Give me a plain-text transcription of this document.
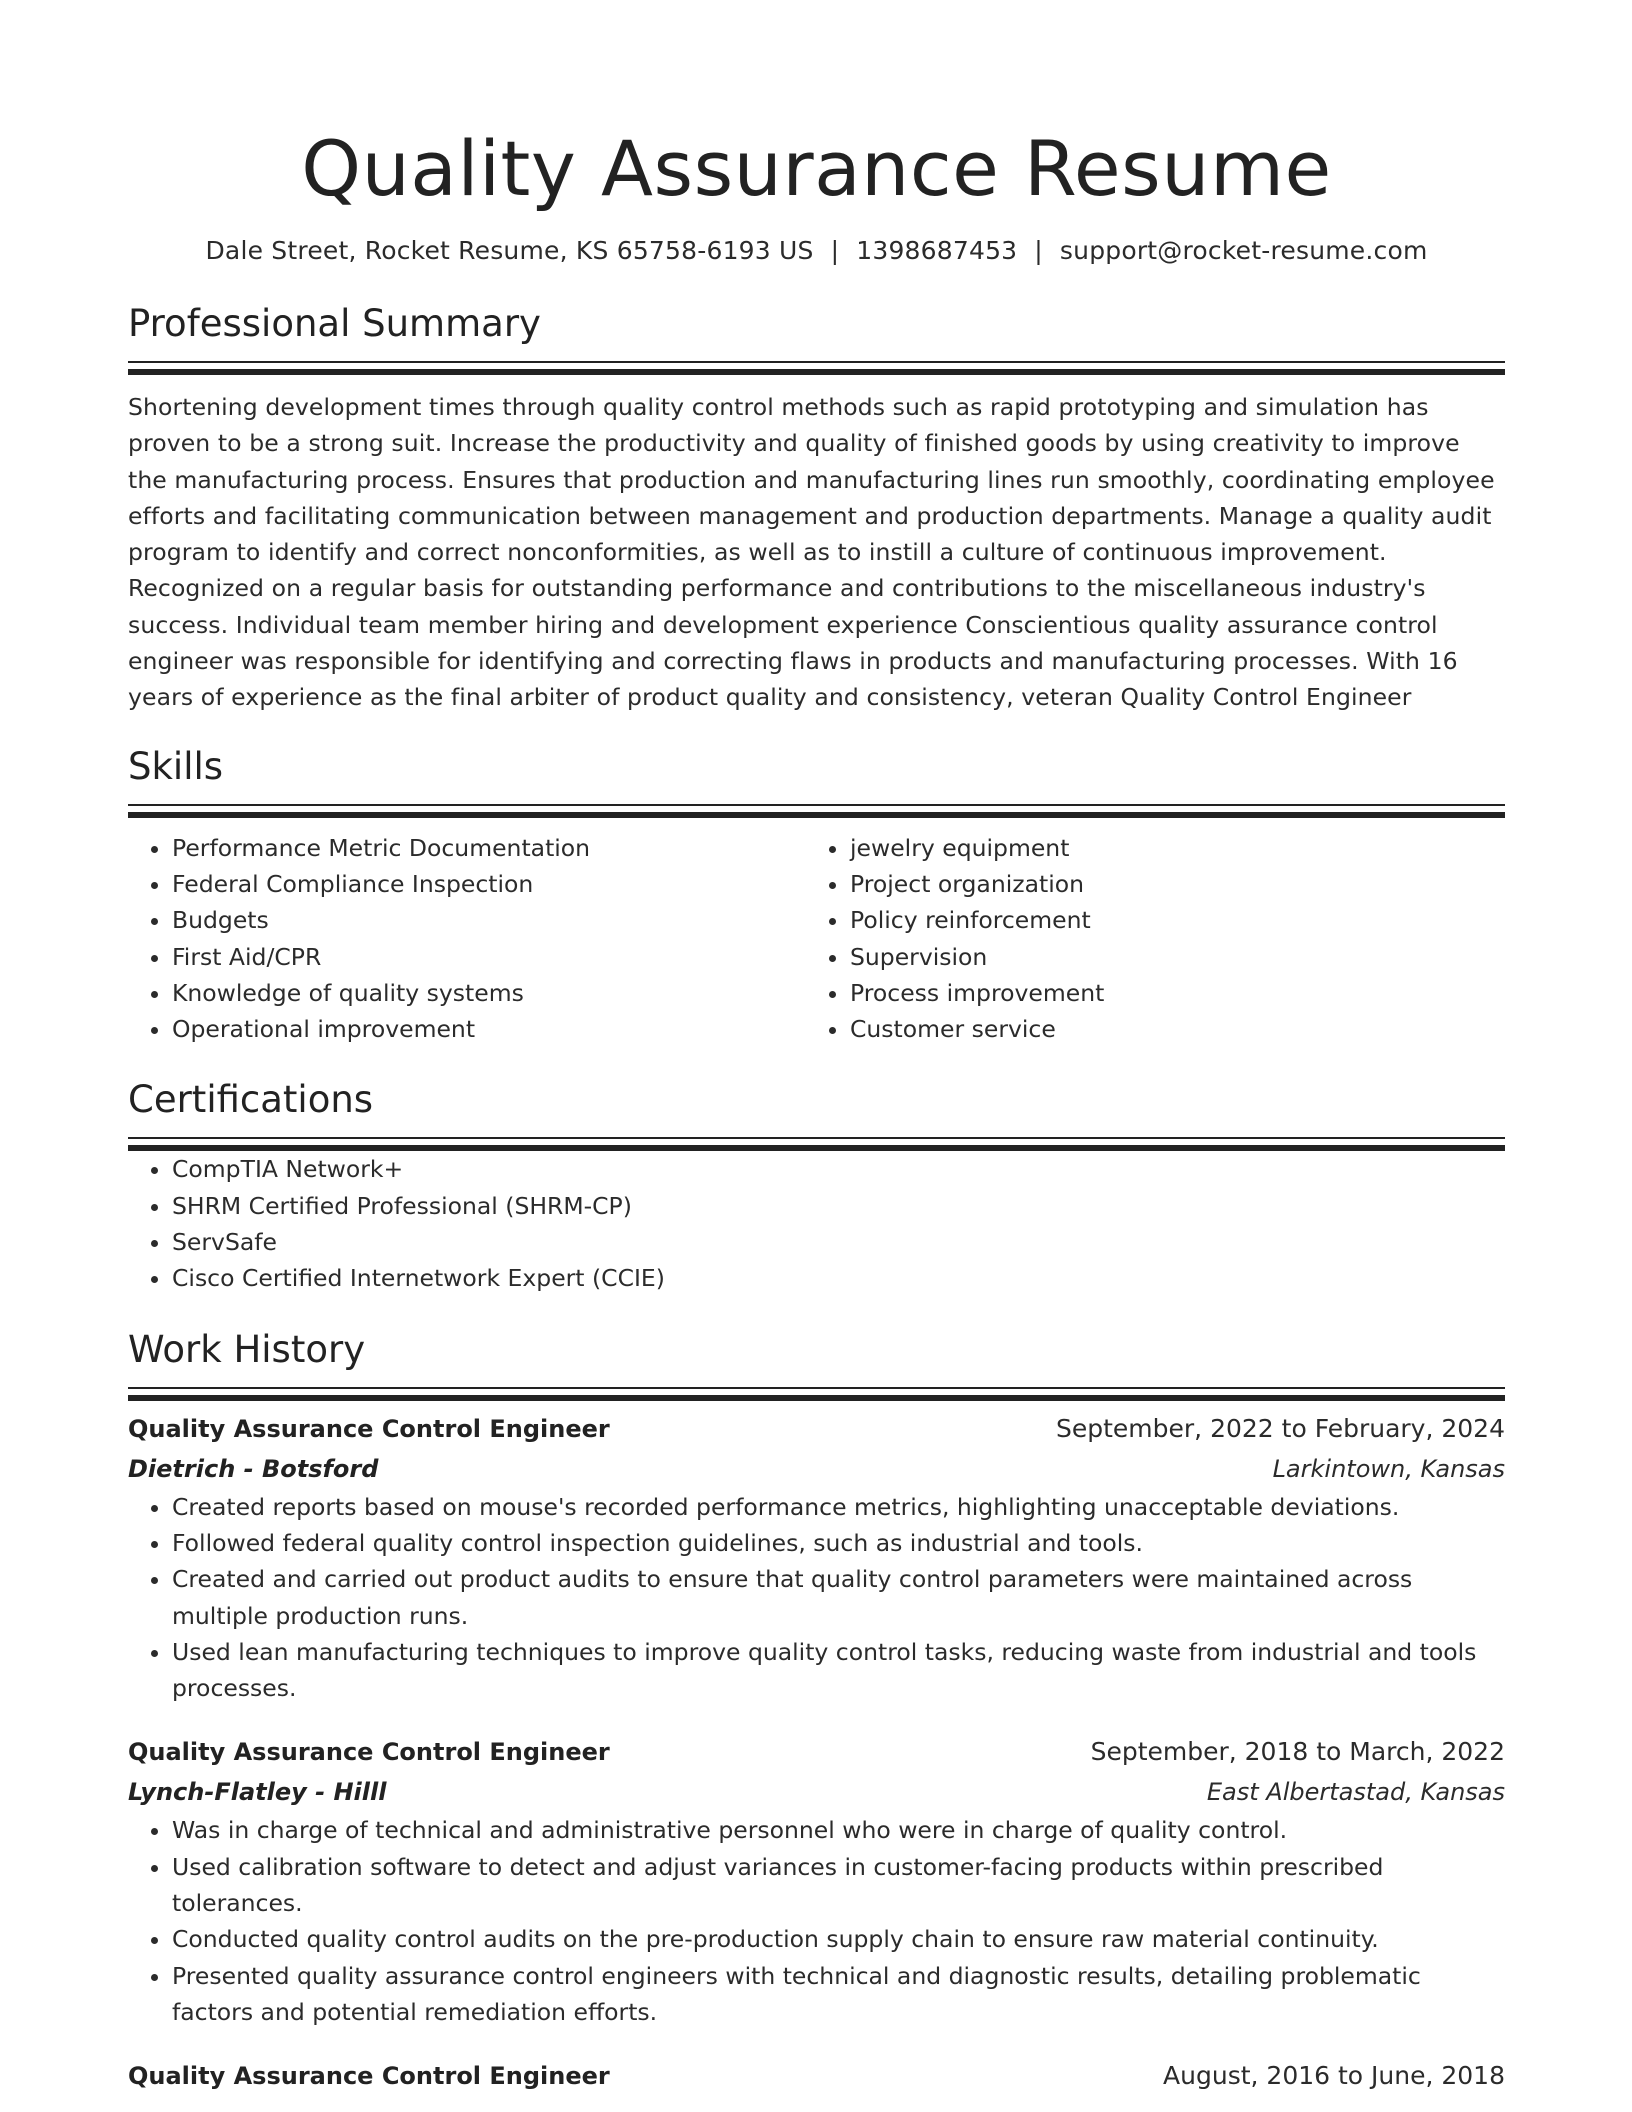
Quality Assurance Resume
Dale Street, Rocket Resume, KS 65758-6193 US | 1398687453 | support@rocket-resume.com
Professional Summary

Shortening development times through quality control methods such as rapid prototyping and simulation has proven to be a strong suit. Increase the productivity and quality of finished goods by using creativity to improve the manufacturing process. Ensures that production and manufacturing lines run smoothly, coordinating employee efforts and facilitating communication between management and production departments. Manage a quality audit program to identify and correct nonconformities, as well as to instill a culture of continuous improvement. Recognized on a regular basis for outstanding performance and contributions to the miscellaneous industry's success. Individual team member hiring and development experience Conscientious quality assurance control engineer was responsible for identifying and correcting flaws in products and manufacturing processes. With 16 years of experience as the final arbiter of product quality and consistency, veteran Quality Control Engineer

Skills
• Performance Metric Documentation
• Federal Compliance Inspection
• Budgets
• First Aid/CPR
• Knowledge of quality systems
• Operational improvement
• jewelry equipment
• Project organization
• Policy reinforcement
• Supervision
• Process improvement
• Customer service
Certifications
• CompTIA Network+
• SHRM Certified Professional (SHRM-CP)
• ServSafe
• Cisco Certified Internetwork Expert (CCIE)
Work History
Quality Assurance Control Engineer	September, 2022 to February, 2024
Dietrich - Botsford	Larkintown, Kansas
• Created reports based on mouse's recorded performance metrics, highlighting unacceptable deviations.
• Followed federal quality control inspection guidelines, such as industrial and tools.
• Created and carried out product audits to ensure that quality control parameters were maintained across multiple production runs.
• Used lean manufacturing techniques to improve quality control tasks, reducing waste from industrial and tools processes.
Quality Assurance Control Engineer	September, 2018 to March, 2022
Lynch-Flatley - Hilll	East Albertastad, Kansas
• Was in charge of technical and administrative personnel who were in charge of quality control.
• Used calibration software to detect and adjust variances in customer-facing products within prescribed tolerances.
• Conducted quality control audits on the pre-production supply chain to ensure raw material continuity.
• Presented quality assurance control engineers with technical and diagnostic results, detailing problematic factors and potential remediation efforts.
Quality Assurance Control Engineer	August, 2016 to June, 2018
